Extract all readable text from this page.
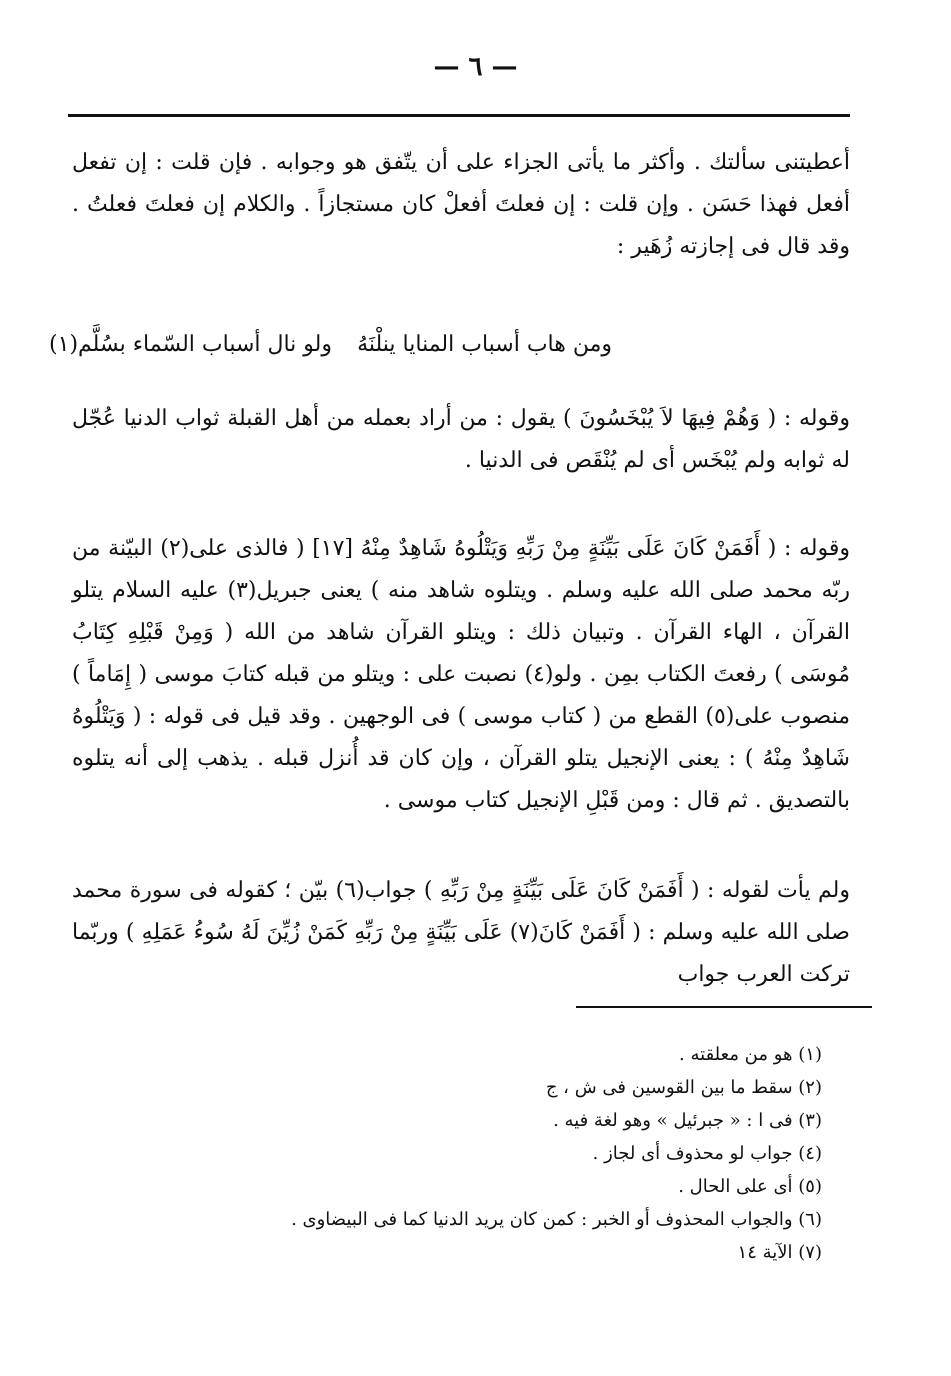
— ٦ —
أعطيتنى سألتك . وأكثر ما يأتى الجزاء على أن يتّفق هو وجوابه . فإن قلت : إن تفعل أفعل فهذا حَسَن . وإن قلت : إن فعلتَ أفعلْ كان مستجازاً . والكلام إن فعلتَ فعلتُ . وقد قال فى إجازته زُهَير :
ومن هاب أسباب المنايا ينلْنَهُ
ولو نال أسباب السّماء بسُلَّم(١)
وقوله : ( وَهُمْ فِيهَا لاَ يُبْخَسُونَ ) يقول : من أراد بعمله من أهل القبلة ثواب الدنيا عُجّل له ثوابه ولم يُبْخَس أى لم يُنْقَص فى الدنيا .
وقوله : ( أَفَمَنْ كَانَ عَلَى بَيِّنَةٍ مِنْ رَبِّهِ وَيَتْلُوهُ شَاهِدٌ مِنْهُ [١٧] ( فالذى على(٢) البيّنة من ربّه محمد صلى الله عليه وسلم . ويتلوه شاهد منه ) يعنى جبريل(٣) عليه السلام يتلو القرآن ، الهاء القرآن . وتبيان ذلك : ويتلو القرآن شاهد من الله ( وَمِنْ قَبْلِهِ كِتَابُ مُوسَى ) رفعتَ الكتاب بمِن . ولو(٤) نصبت على : ويتلو من قبله كتابَ موسى ( إِمَاماً ) منصوب على(٥) القطع من ( كتاب موسى ) فى الوجهين . وقد قيل فى قوله : ( وَيَتْلُوهُ شَاهِدٌ مِنْهُ ) : يعنى الإنجيل يتلو القرآن ، وإن كان قد أُنزل قبله . يذهب إلى أنه يتلوه بالتصديق . ثم قال : ومن قَبْلِ الإنجيل كتاب موسى .
ولم يأت لقوله : ( أَفَمَنْ كَانَ عَلَى بَيِّنَةٍ مِنْ رَبِّهِ ) جواب(٦) بيّن ؛ كقوله فى سورة محمد صلى الله عليه وسلم : ( أَفَمَنْ كَانَ(٧) عَلَى بَيِّنَةٍ مِنْ رَبِّهِ كَمَنْ زُيِّنَ لَهُ سُوءُ عَمَلِهِ ) وربّما تركت العرب جواب
(١) هو من معلقته .
(٢) سقط ما بين القوسين فى ش ، ج
(٣) فى ا : « جبرئيل » وهو لغة فيه .
(٤) جواب لو محذوف أى لجاز .
(٥) أى على الحال .
(٦) والجواب المحذوف أو الخبر : كمن كان يريد الدنيا كما فى البيضاوى .
(٧) الآية ١٤
